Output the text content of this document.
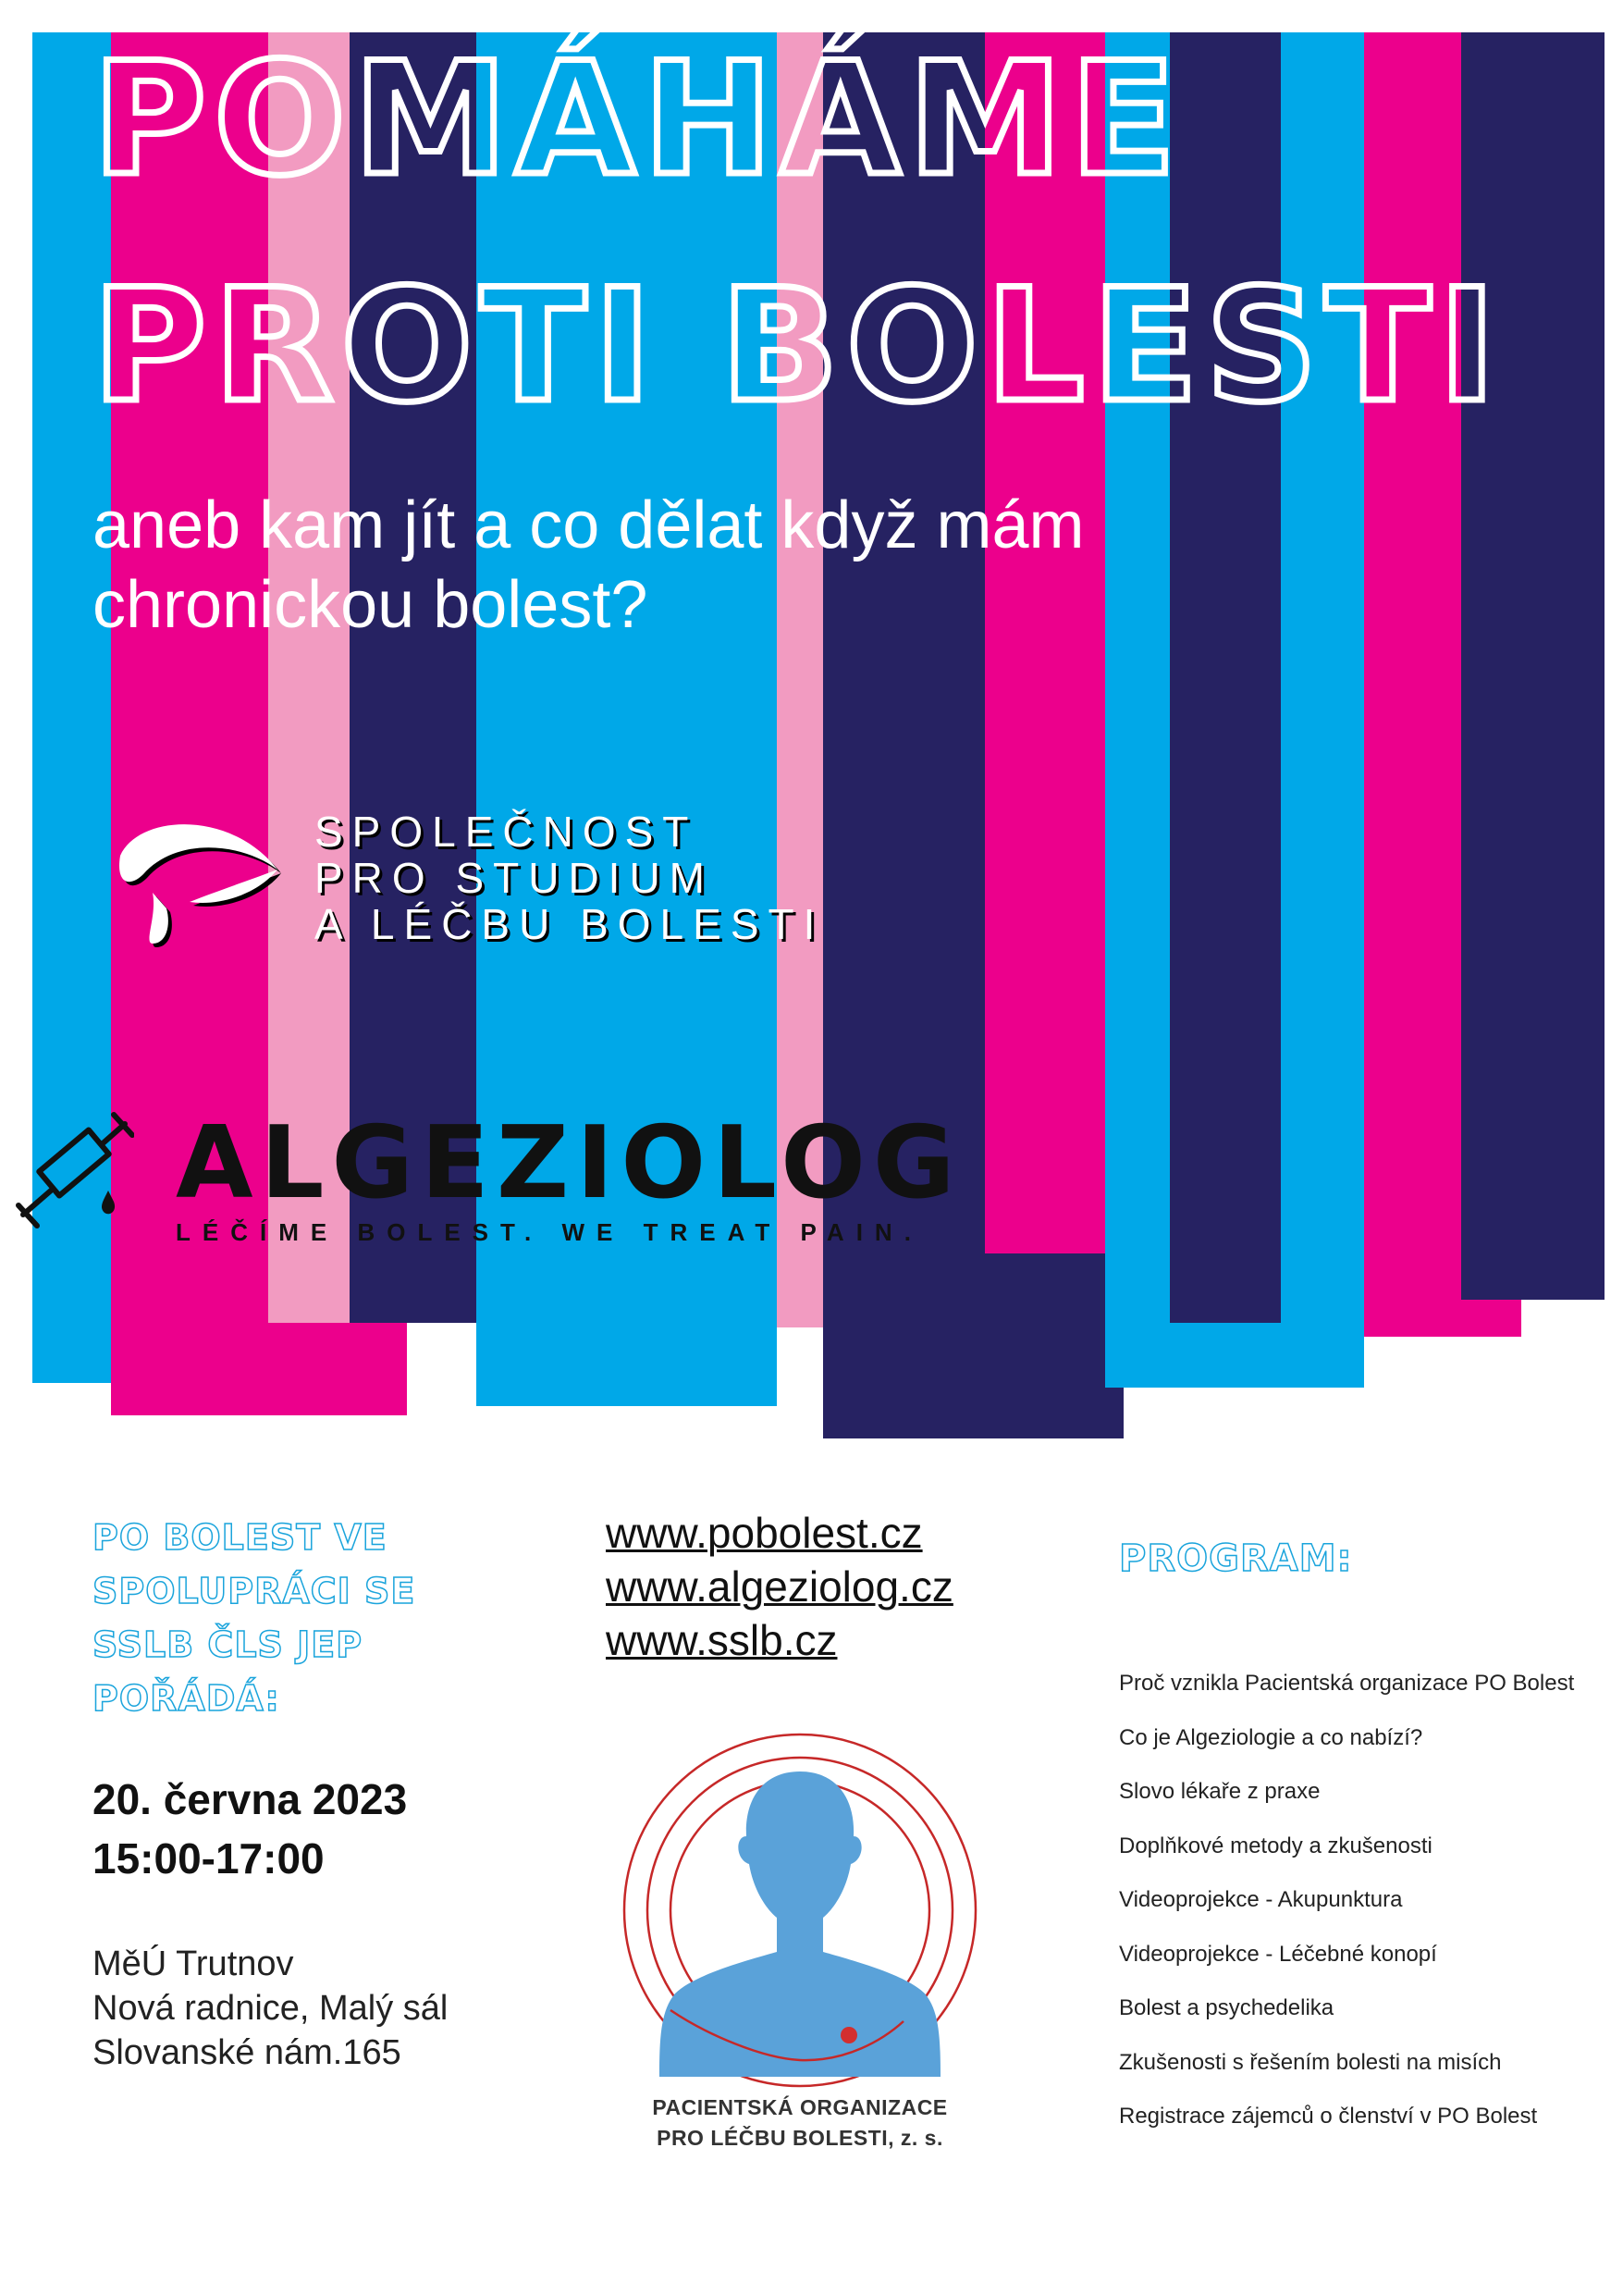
POMÁHÁME
PROTI BOLESTI
aneb kam jít a co dělat když mám chronickou bolest?
SPOLEČNOST
PRO STUDIUM
A LÉČBU BOLESTI
ALGEZIOLOG
LÉČÍME BOLEST. WE TREAT PAIN.
PO BOLEST VE
SPOLUPRÁCI SE
SSLB ČLS JEP
POŘÁDÁ:

20. června 2023

15:00-17:00

MěÚ Trutnov

Nová radnice, Malý sál

Slovanské nám.165

www.pobolest.cz
www.algeziolog.cz
www.sslb.cz
PACIENTSKÁ ORGANIZACE
PRO LÉČBU BOLESTI, z. s.
PROGRAM:
Proč vznikla Pacientská organizace PO Bolest
Co je Algeziologie a co nabízí?
Slovo lékaře z praxe
Doplňkové metody a zkušenosti
Videoprojekce - Akupunktura
Videoprojekce - Léčebné konopí
Bolest a psychedelika
Zkušenosti s řešením bolesti na misích
Registrace zájemců o členství v PO Bolest
